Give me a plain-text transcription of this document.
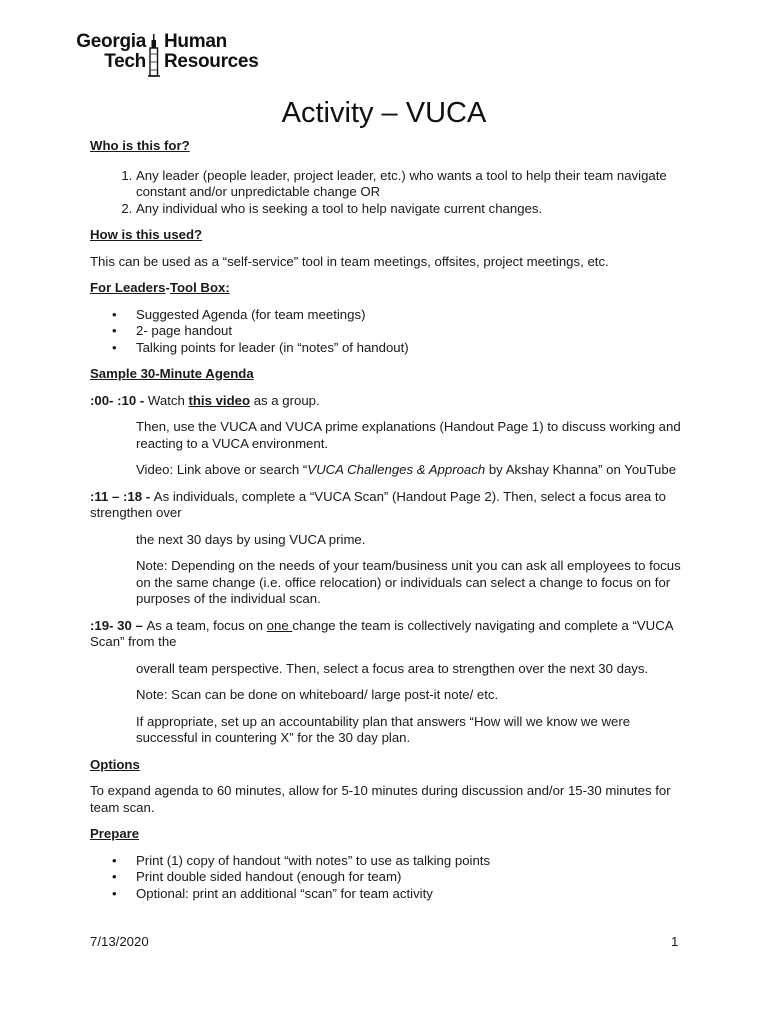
Georgia
Tech
Human
Resources
Activity – VUCA

Who is this for?

1. Any leader (people leader, project leader, etc.) who wants a tool to help their team navigate constant and/or unpredictable change OR
2. Any individual who is seeking a tool to help navigate current changes.

How is this used?

This can be used as a “self-service” tool in team meetings, offsites, project meetings, etc.

For Leaders-Tool Box:

• Suggested Agenda (for team meetings)
• 2- page handout
• Talking points for leader (in “notes” of handout)

Sample 30-Minute Agenda

:00- :10 - Watch this video as a group.

Then, use the VUCA and VUCA prime explanations (Handout Page 1) to discuss working and reacting to a VUCA environment.

Video: Link above or search “VUCA Challenges & Approach by Akshay Khanna” on YouTube

:11 – :18 - As individuals, complete a “VUCA Scan” (Handout Page 2). Then, select a focus area to strengthen over

the next 30 days by using VUCA prime.

Note: Depending on the needs of your team/business unit you can ask all employees to focus on the same change (i.e. office relocation) or individuals can select a change to focus on for purposes of the individual scan.

:19- 30 – As a team, focus on one change the team is collectively navigating and complete a “VUCA Scan” from the

overall team perspective. Then, select a focus area to strengthen over the next 30 days.

Note: Scan can be done on whiteboard/ large post-it note/ etc.

If appropriate, set up an accountability plan that answers “How will we know we were successful in countering X” for the 30 day plan.

Options

To expand agenda to 60 minutes, allow for 5-10 minutes during discussion and/or 15-30 minutes for team scan.

Prepare

• Print (1) copy of handout “with notes” to use as talking points
• Print double sided handout (enough for team)
• Optional: print an additional “scan” for team activity
7/13/2020	1
